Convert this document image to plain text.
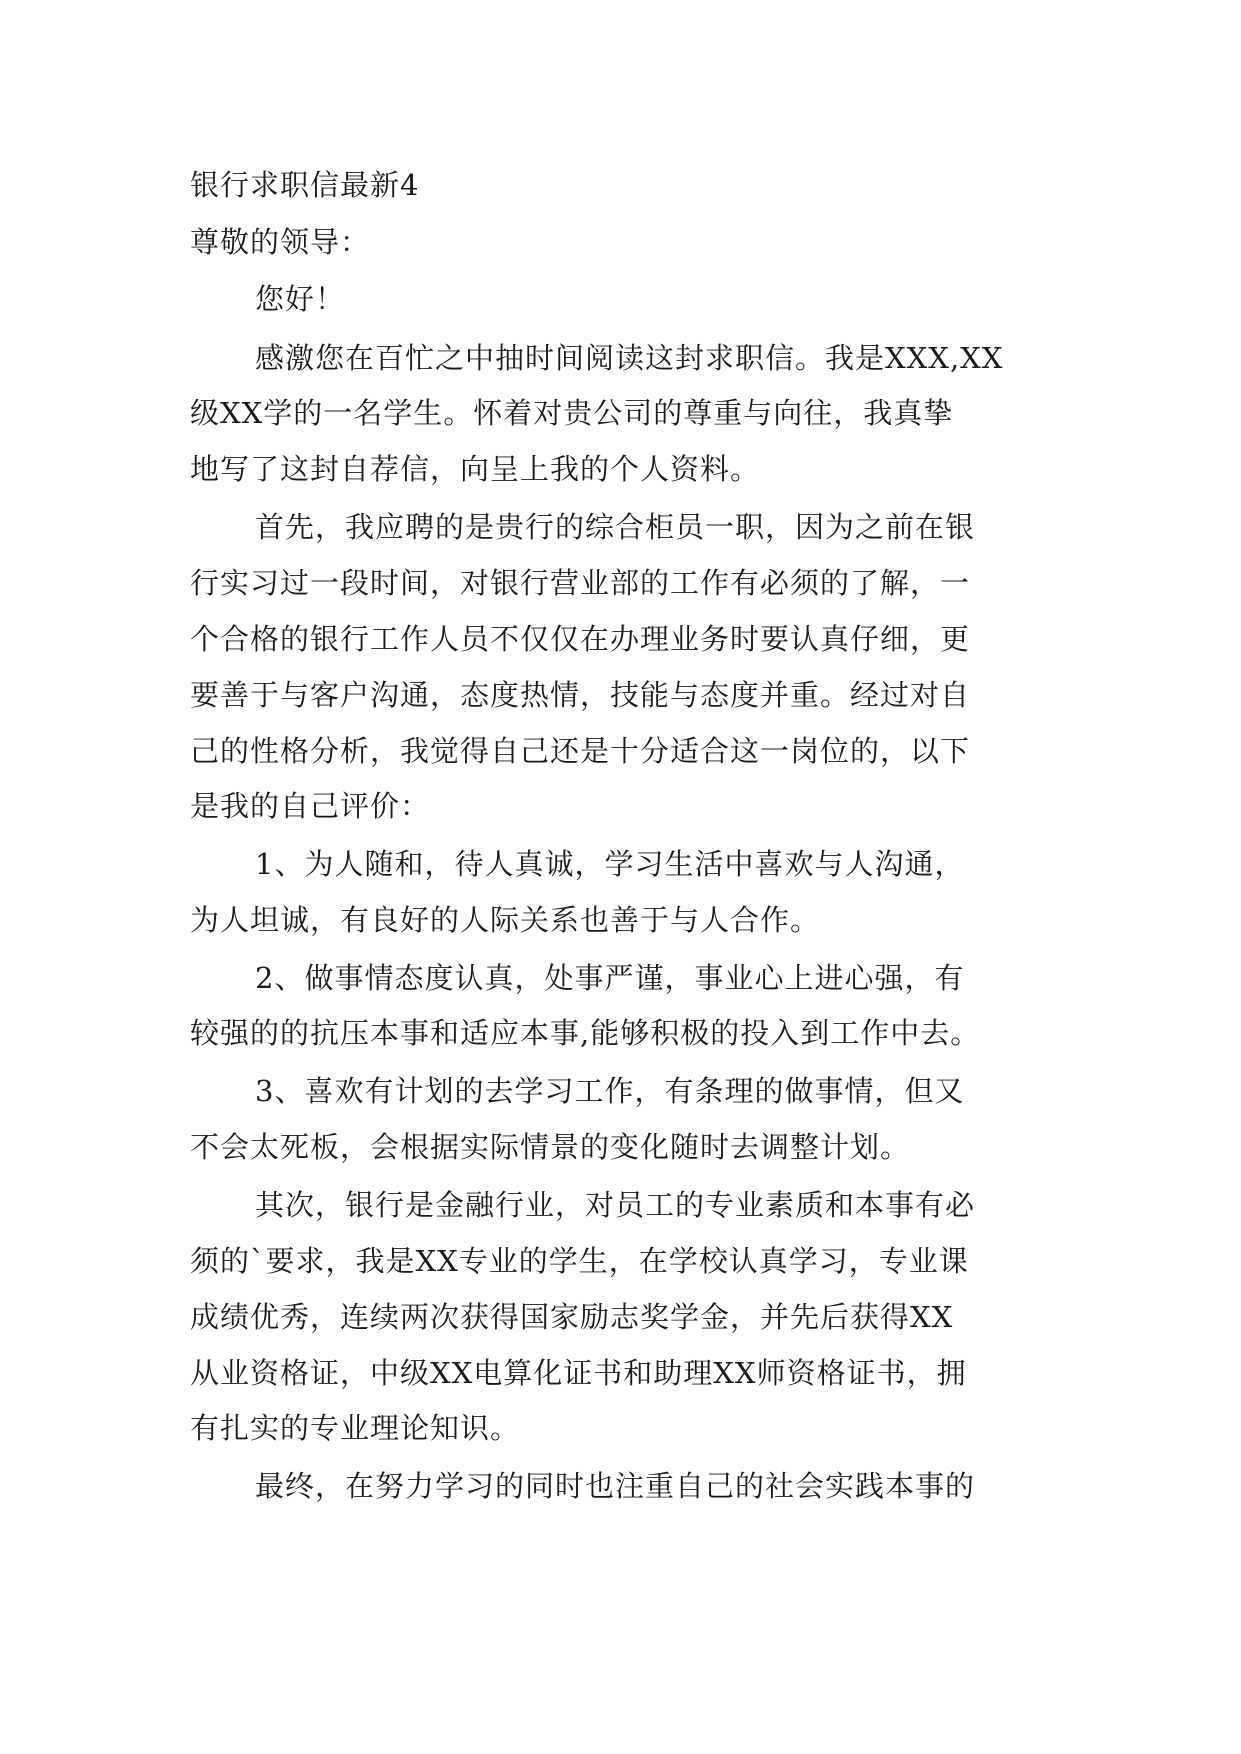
银行求职信最新4
尊敬的领导：
您好！
感激您在百忙之中抽时间阅读这封求职信。我是XXX,XX
级XX学的一名学生。怀着对贵公司的尊重与向往，我真挚
地写了这封自荐信，向呈上我的个人资料。
首先，我应聘的是贵行的综合柜员一职，因为之前在银
行实习过一段时间，对银行营业部的工作有必须的了解，一
个合格的银行工作人员不仅仅在办理业务时要认真仔细，更
要善于与客户沟通，态度热情，技能与态度并重。经过对自
己的性格分析，我觉得自己还是十分适合这一岗位的，以下
是我的自己评价：
1、为人随和，待人真诚，学习生活中喜欢与人沟通，
为人坦诚，有良好的人际关系也善于与人合作。
2、做事情态度认真，处事严谨，事业心上进心强，有
较强的的抗压本事和适应本事,能够积极的投入到工作中去。
3、喜欢有计划的去学习工作，有条理的做事情，但又
不会太死板，会根据实际情景的变化随时去调整计划。
其次，银行是金融行业，对员工的专业素质和本事有必
须的`要求，我是XX专业的学生，在学校认真学习，专业课
成绩优秀，连续两次获得国家励志奖学金，并先后获得XX
从业资格证，中级XX电算化证书和助理XX师资格证书，拥
有扎实的专业理论知识。
最终，在努力学习的同时也注重自己的社会实践本事的
